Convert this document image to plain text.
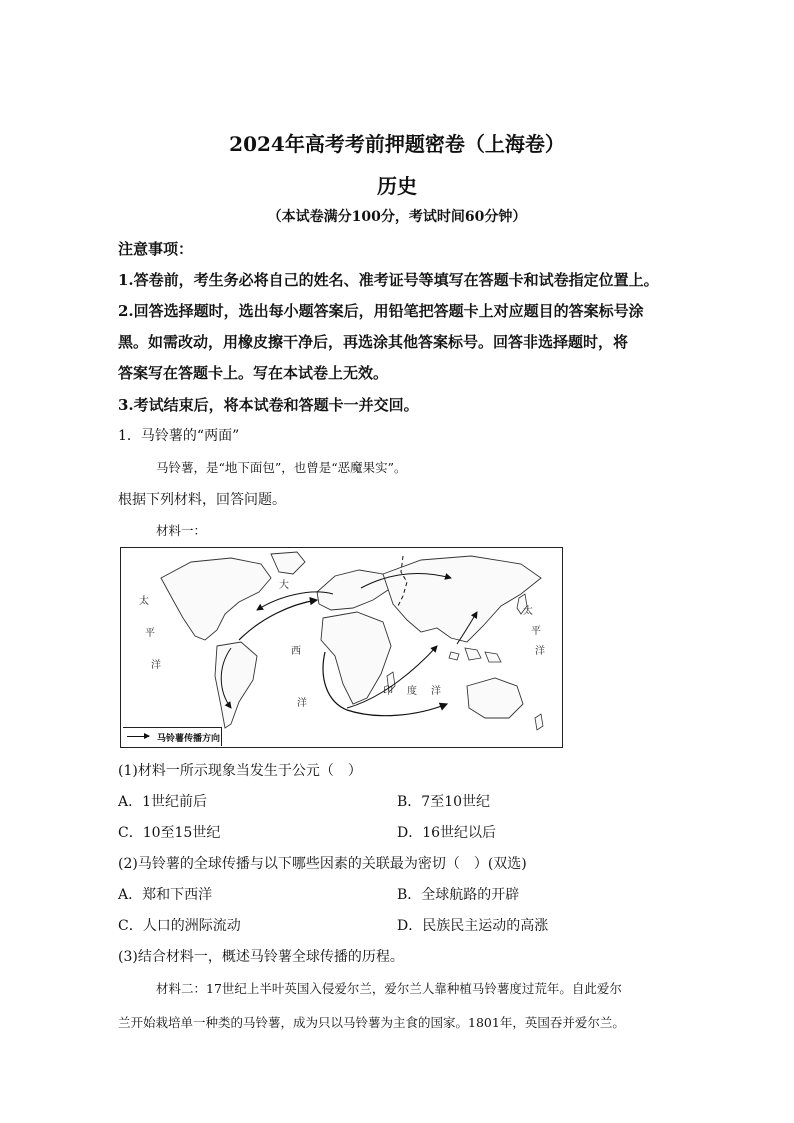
2024年高考考前押题密卷（上海卷）
历史
（本试卷满分100分，考试时间60分钟）
注意事项：
1.答卷前，考生务必将自己的姓名、准考证号等填写在答题卡和试卷指定位置上。
2.回答选择题时，选出每小题答案后，用铅笔把答题卡上对应题目的答案标号涂
黑。如需改动，用橡皮擦干净后，再选涂其他答案标号。回答非选择题时，将
答案写在答题卡上。写在本试卷上无效。
3.考试结束后，将本试卷和答题卡一并交回。
1．马铃薯的“两面”
马铃薯，是“地下面包”，也曾是“恶魔果实”。
根据下列材料，回答问题。
材料一：
太
平
洋
大
西
洋
印 度 洋
太
平
洋
马铃薯传播方向
(1)材料一所示现象当发生于公元（　）
A．1世纪前后	B．7至10世纪
C．10至15世纪	D．16世纪以后
(2)马铃薯的全球传播与以下哪些因素的关联最为密切（　）(双选)
A．郑和下西洋	B．全球航路的开辟
C．人口的洲际流动	D．民族民主运动的高涨
(3)结合材料一，概述马铃薯全球传播的历程。
材料二：17世纪上半叶英国入侵爱尔兰，爱尔兰人靠种植马铃薯度过荒年。自此爱尔
兰开始栽培单一种类的马铃薯，成为只以马铃薯为主食的国家。1801年，英国吞并爱尔兰。
